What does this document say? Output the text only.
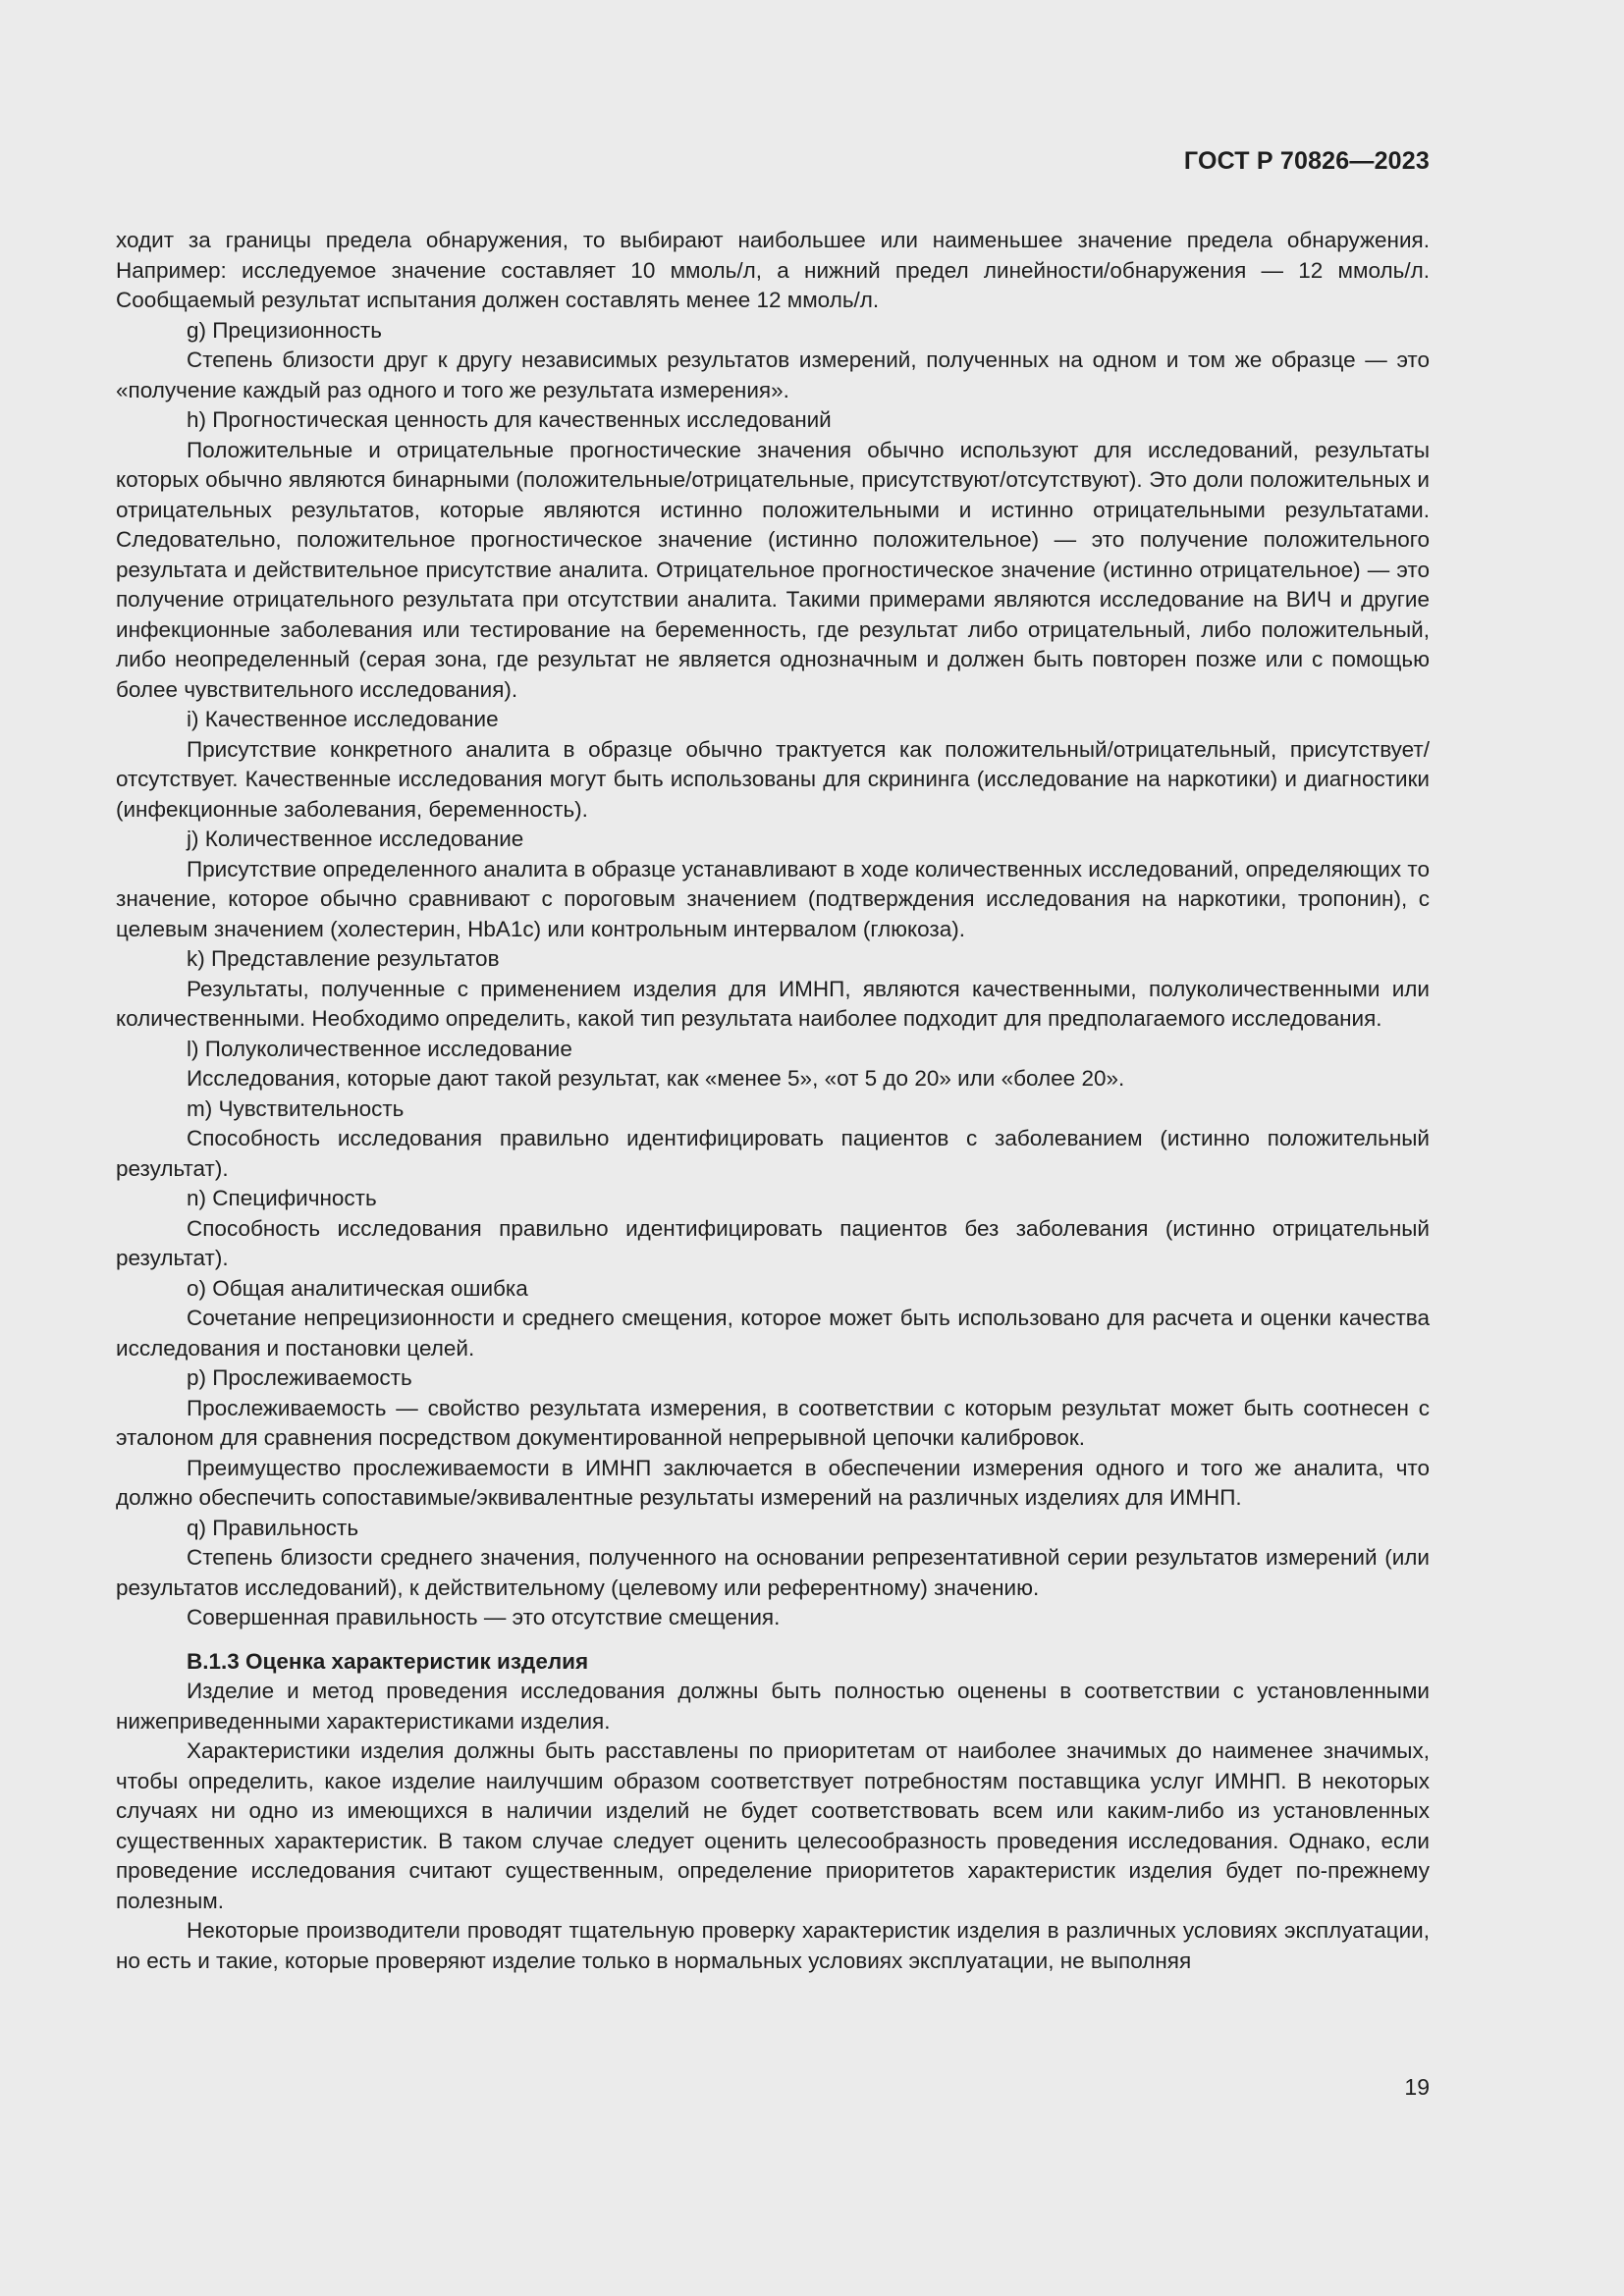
ГОСТ Р 70826—2023

ходит за границы предела обнаружения, то выбирают наибольшее или наименьшее значение предела обнаружения. Например: исследуемое значение составляет 10 ммоль/л, а нижний предел линейности/обнаружения — 12 ммоль/л. Сообщаемый результат испытания должен составлять менее 12 ммоль/л.

g) Прецизионность

Степень близости друг к другу независимых результатов измерений, полученных на одном и том же образце — это «получение каждый раз одного и того же результата измерения».

h) Прогностическая ценность для качественных исследований

Положительные и отрицательные прогностические значения обычно используют для исследований, результаты которых обычно являются бинарными (положительные/отрицательные, присутствуют/отсутствуют). Это доли положительных и отрицательных результатов, которые являются истинно положительными и истинно отрицательными результатами. Следовательно, положительное прогностическое значение (истинно положительное) — это получение положительного результата и действительное присутствие аналита. Отрицательное прогностическое значение (истинно отрицательное) — это получение отрицательного результата при отсутствии аналита. Такими примерами являются исследование на ВИЧ и другие инфекционные заболевания или тестирование на беременность, где результат либо отрицательный, либо положительный, либо неопределенный (серая зона, где результат не является однозначным и должен быть повторен позже или с помощью более чувствительного исследования).

i) Качественное исследование

Присутствие конкретного аналита в образце обычно трактуется как положительный/отрицательный, присутствует/отсутствует. Качественные исследования могут быть использованы для скрининга (исследование на наркотики) и диагностики (инфекционные заболевания, беременность).

j) Количественное исследование

Присутствие определенного аналита в образце устанавливают в ходе количественных исследований, определяющих то значение, которое обычно сравнивают с пороговым значением (подтверждения исследования на наркотики, тропонин), с целевым значением (холестерин, HbA1c) или контрольным интервалом (глюкоза).

k) Представление результатов

Результаты, полученные с применением изделия для ИМНП, являются качественными, полуколичественными или количественными. Необходимо определить, какой тип результата наиболее подходит для предполагаемого исследования.

l) Полуколичественное исследование

Исследования, которые дают такой результат, как «менее 5», «от 5 до 20» или «более 20».

m) Чувствительность

Способность исследования правильно идентифицировать пациентов с заболеванием (истинно положительный результат).

n) Специфичность

Способность исследования правильно идентифицировать пациентов без заболевания (истинно отрицательный результат).

o) Общая аналитическая ошибка

Сочетание непрецизионности и среднего смещения, которое может быть использовано для расчета и оценки качества исследования и постановки целей.

p) Прослеживаемость

Прослеживаемость — свойство результата измерения, в соответствии с которым результат может быть соотнесен с эталоном для сравнения посредством документированной непрерывной цепочки калибровок.

Преимущество прослеживаемости в ИМНП заключается в обеспечении измерения одного и того же аналита, что должно обеспечить сопоставимые/эквивалентные результаты измерений на различных изделиях для ИМНП.

q) Правильность

Степень близости среднего значения, полученного на основании репрезентативной серии результатов измерений (или результатов исследований), к действительному (целевому или референтному) значению.

Совершенная правильность — это отсутствие смещения.

В.1.3 Оценка характеристик изделия

Изделие и метод проведения исследования должны быть полностью оценены в соответствии с установленными нижеприведенными характеристиками изделия.

Характеристики изделия должны быть расставлены по приоритетам от наиболее значимых до наименее значимых, чтобы определить, какое изделие наилучшим образом соответствует потребностям поставщика услуг ИМНП. В некоторых случаях ни одно из имеющихся в наличии изделий не будет соответствовать всем или каким-либо из установленных существенных характеристик. В таком случае следует оценить целесообразность проведения исследования. Однако, если проведение исследования считают существенным, определение приоритетов характеристик изделия будет по-прежнему полезным.

Некоторые производители проводят тщательную проверку характеристик изделия в различных условиях эксплуатации, но есть и такие, которые проверяют изделие только в нормальных условиях эксплуатации, не выполняя

19
